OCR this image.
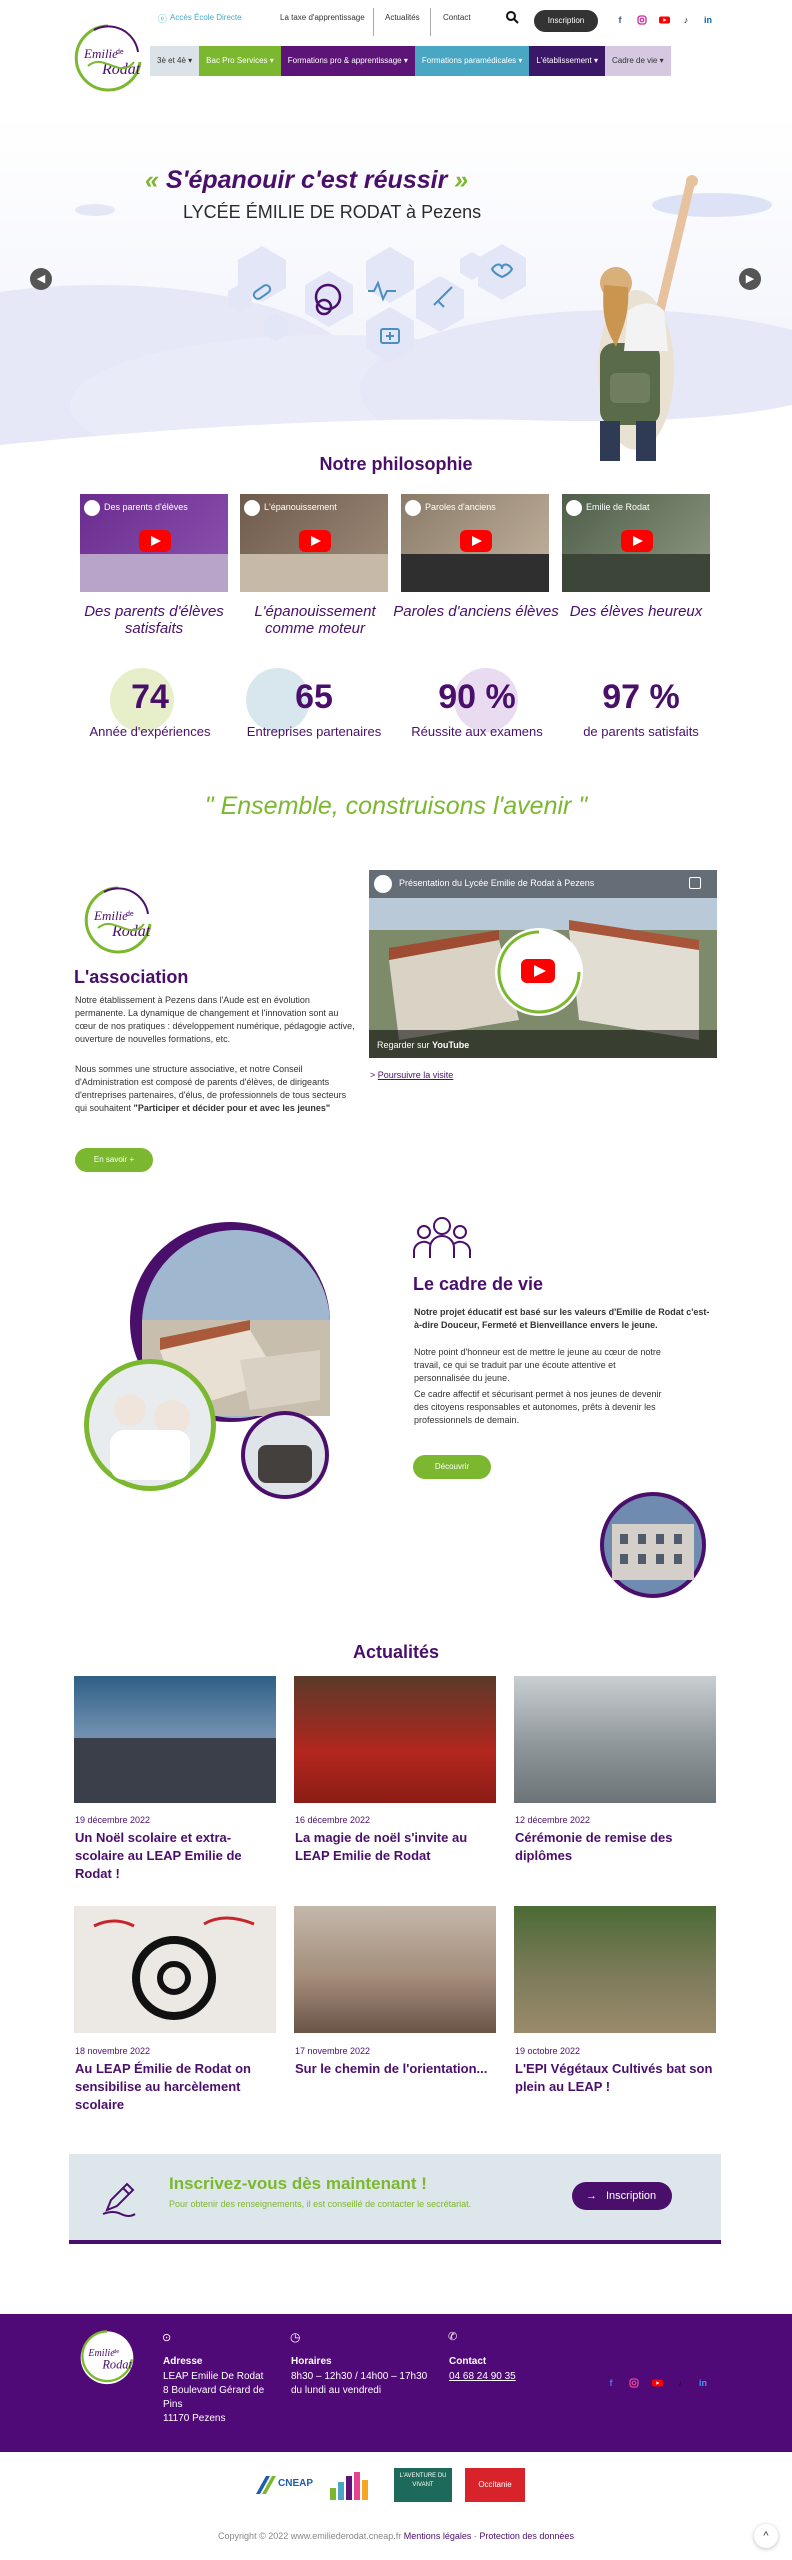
ⓔ Accès École Directe	La taxe d'apprentissage	Actualités	Contact	Inscription	f	♪	in
Emilie
de
Rodat
3è et 4è ▾	Bac Pro Services ▾	Formations pro & apprentissage ▾	Formations paramédicales ▾	L'établissement ▾	Cadre de vie ▾
« S'épanouir c'est réussir »
LYCÉE ÉMILIE DE RODAT à Pezens
◀	▶
Notre philosophie
Des parents d'élèves	L'épanouissement	Paroles d'anciens	Emilie de Rodat
Des parents d'élèves satisfaits
L'épanouissement comme moteur
Paroles d'anciens élèves Des élèves heureux
74	65	90 %	97 %
Année d'expériences	Entreprises partenaires	Réussite aux examens	de parents satisfaits
" Ensemble, construisons l'avenir "
Emilie
de
Rodat
L'association
Notre établissement à Pezens dans l'Aude est en évolution permanente. La dynamique de changement et l'innovation sont au cœur de nos pratiques : développement numérique, pédagogie active, ouverture de nouvelles formations, etc.
Nous sommes une structure associative, et notre Conseil d'Administration est composé de parents d'élèves, de dirigeants d'entreprises partenaires, d'élus, de professionnels de tous secteurs qui souhaitent "Participer et décider pour et avec les jeunes"
En savoir +
Présentation du Lycée Emilie de Rodat à Pezens
Regarder sur YouTube
> Poursuivre la visite
Le cadre de vie
Notre projet éducatif est basé sur les valeurs d'Emilie de Rodat c'est-à-dire Douceur, Fermeté et Bienveillance envers le jeune.
Notre point d'honneur est de mettre le jeune au cœur de notre travail, ce qui se traduit par une écoute attentive et personnalisée du jeune.
Ce cadre affectif et sécurisant permet à nos jeunes de devenir des citoyens responsables et autonomes, prêts à devenir les professionnels de demain.
Découvrir
Actualités
19 décembre 2022	16 décembre 2022	12 décembre 2022
Un Noël scolaire et extra-scolaire au LEAP Emilie de Rodat !
La magie de noël s'invite au LEAP Emilie de Rodat
Cérémonie de remise des diplômes
18 novembre 2022	17 novembre 2022	19 octobre 2022
Au LEAP Émilie de Rodat on sensibilise au harcèlement scolaire
Sur le chemin de l'orientation...	L'EPI Végétaux Cultivés bat son plein au LEAP !
Inscrivez-vous dès maintenant !
Pour obtenir des renseignements, il est conseillé de contacter le secrétariat.
→ Inscription
Emilie
de
Rodat
⊙
Adresse
LEAP Emilie De Rodat
8 Boulevard Gérard de
Pins
11170 Pezens
◷
Horaires
8h30 – 12h30 / 14h00 – 17h30
du lundi au vendredi
✆
Contact
04 68 24 90 35
f	♪	in
CNEAP
L'AVENTURE DU VIVANT	Occitanie
Copyright © 2022 www.emiliederodat.cneap.fr Mentions légales - Protection des données	^
